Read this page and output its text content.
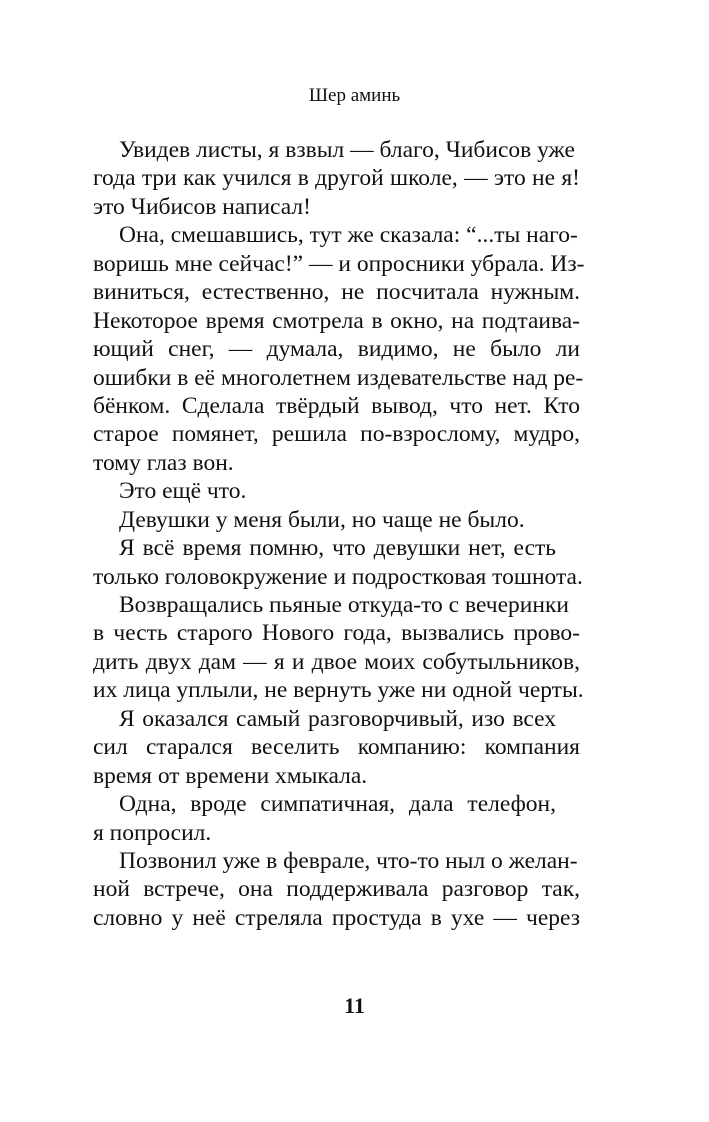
Шер аминь
Увидев листы, я взвыл — благо, Чибисов уже
года три как учился в другой школе, — это не я!
это Чибисов написал!
Она, смешавшись, тут же сказала: “...ты наго-
воришь мне сейчас!” — и опросники убрала. Из-
виниться, естественно, не посчитала нужным.
Некоторое время смотрела в окно, на подтаива-
ющий снег, — думала, видимо, не было ли
ошибки в её многолетнем издевательстве над ре-
бёнком. Сделала твёрдый вывод, что нет. Кто
старое помянет, решила по-взрослому, мудро,
тому глаз вон.
Это ещё что.
Девушки у меня были, но чаще не было.
Я всё время помню, что девушки нет, есть
только головокружение и подростковая тошнота.
Возвращались пьяные откуда-то с вечеринки
в честь старого Нового года, вызвались прово-
дить двух дам — я и двое моих собутыльников,
их лица уплыли, не вернуть уже ни одной черты.
Я оказался самый разговорчивый, изо всех
сил старался веселить компанию: компания
время от времени хмыкала.
Одна, вроде симпатичная, дала телефон,
я попросил.
Позвонил уже в феврале, что-то ныл о желан-
ной встрече, она поддерживала разговор так,
словно у неё стреляла простуда в ухе — через
11
